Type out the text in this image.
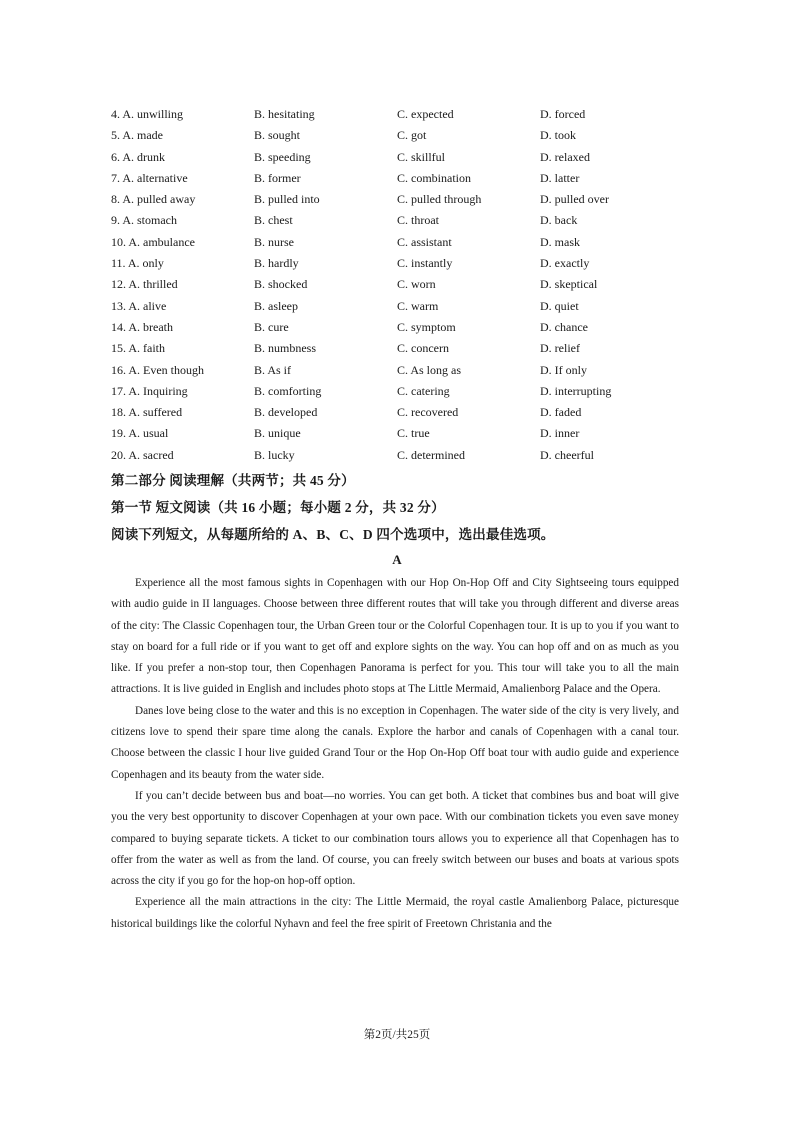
4. A. unwilling	B. hesitating	C. expected	D. forced
5. A. made	B. sought	C. got	D. took
6. A. drunk	B. speeding	C. skillful	D. relaxed
7. A. alternative	B. former	C. combination	D. latter
8. A. pulled away	B. pulled into	C. pulled through	D. pulled over
9. A. stomach	B. chest	C. throat	D. back
10. A. ambulance	B. nurse	C. assistant	D. mask
11. A. only	B. hardly	C. instantly	D. exactly
12. A. thrilled	B. shocked	C. worn	D. skeptical
13. A. alive	B. asleep	C. warm	D. quiet
14. A. breath	B. cure	C. symptom	D. chance
15. A. faith	B. numbness	C. concern	D. relief
16. A. Even though	B. As if	C. As long as	D. If only
17. A. Inquiring	B. comforting	C. catering	D. interrupting
18. A. suffered	B. developed	C. recovered	D. faded
19. A. usual	B. unique	C. true	D. inner
20. A. sacred	B. lucky	C. determined	D. cheerful
第二部分 阅读理解（共两节；共 45 分）
第一节 短文阅读（共 16 小题；每小题 2 分，共 32 分）
阅读下列短文，从每题所给的 A、B、C、D 四个选项中，选出最佳选项。
A

Experience all the most famous sights in Copenhagen with our Hop On-Hop Off and City Sightseeing tours equipped with audio guide in II languages. Choose between three different routes that will take you through different and diverse areas of the city: The Classic Copenhagen tour, the Urban Green tour or the Colorful Copenhagen tour. It is up to you if you want to stay on board for a full ride or if you want to get off and explore sights on the way. You can hop off and on as much as you like. If you prefer a non-stop tour, then Copenhagen Panorama is perfect for you. This tour will take you to all the main attractions. It is live guided in English and includes photo stops at The Little Mermaid, Amalienborg Palace and the Opera.

Danes love being close to the water and this is no exception in Copenhagen. The water side of the city is very lively, and citizens love to spend their spare time along the canals. Explore the harbor and canals of Copenhagen with a canal tour. Choose between the classic I hour live guided Grand Tour or the Hop On-Hop Off boat tour with audio guide and experience Copenhagen and its beauty from the water side.

If you can’t decide between bus and boat—no worries. You can get both. A ticket that combines bus and boat will give you the very best opportunity to discover Copenhagen at your own pace. With our combination tickets you even save money compared to buying separate tickets. A ticket to our combination tours allows you to experience all that Copenhagen has to offer from the water as well as from the land. Of course, you can freely switch between our buses and boats at various spots across the city if you go for the hop-on hop-off option.

Experience all the main attractions in the city: The Little Mermaid, the royal castle Amalienborg Palace, picturesque historical buildings like the colorful Nyhavn and feel the free spirit of Freetown Christania and the

第2页/共25页
